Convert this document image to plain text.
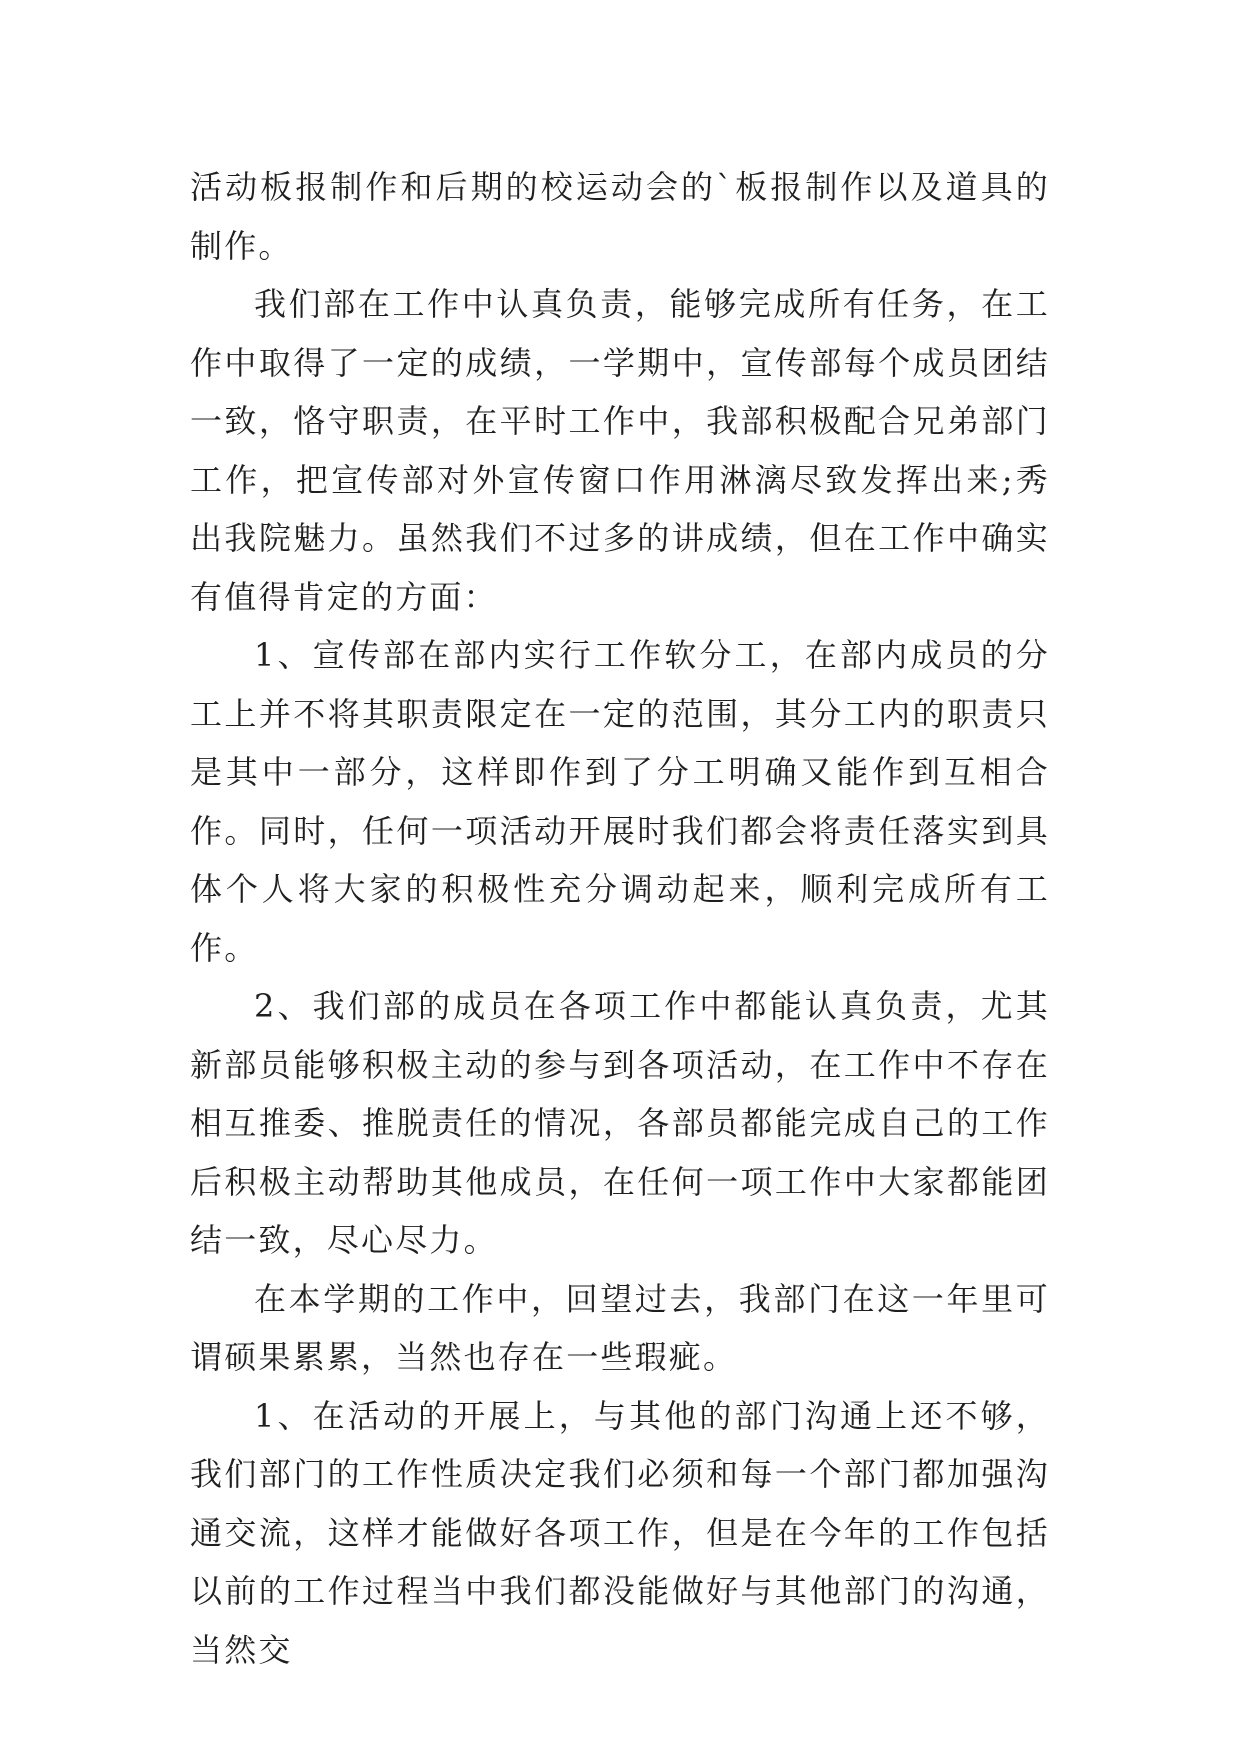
活动板报制作和后期的校运动会的`板报制作以及道具的制作。

我们部在工作中认真负责，能够完成所有任务，在工作中取得了一定的成绩，一学期中，宣传部每个成员团结一致，恪守职责，在平时工作中，我部积极配合兄弟部门工作，把宣传部对外宣传窗口作用淋漓尽致发挥出来;秀出我院魅力。虽然我们不过多的讲成绩，但在工作中确实有值得肯定的方面：

1、宣传部在部内实行工作软分工，在部内成员的分工上并不将其职责限定在一定的范围，其分工内的职责只是其中一部分，这样即作到了分工明确又能作到互相合作。同时，任何一项活动开展时我们都会将责任落实到具体个人将大家的积极性充分调动起来，顺利完成所有工作。

2、我们部的成员在各项工作中都能认真负责，尤其新部员能够积极主动的参与到各项活动，在工作中不存在相互推委、推脱责任的情况，各部员都能完成自己的工作后积极主动帮助其他成员，在任何一项工作中大家都能团结一致，尽心尽力。

在本学期的工作中，回望过去，我部门在这一年里可谓硕果累累，当然也存在一些瑕疵。

1、在活动的开展上，与其他的部门沟通上还不够，我们部门的工作性质决定我们必须和每一个部门都加强沟通交流，这样才能做好各项工作，但是在今年的工作包括以前的工作过程当中我们都没能做好与其他部门的沟通，当然交
